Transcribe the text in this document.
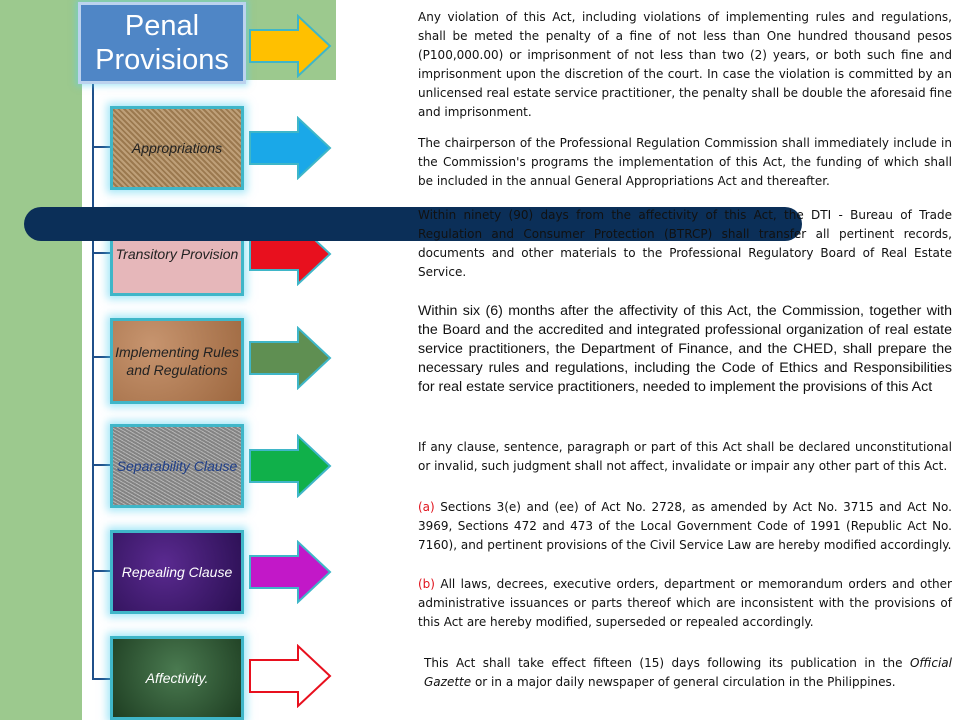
Penal Provisions
Appropriations
Transitory Provision
Implementing Rules and Regulations
Separability Clause
Repealing Clause
Affectivity.
Any violation of this Act, including violations of implementing rules and regulations, shall be meted the penalty of a fine of not less than One hundred thousand pesos (P100,000.00) or imprisonment of not less than two (2) years, or both such fine and imprisonment upon the discretion of the court. In case the violation is committed by an unlicensed real estate service practitioner, the penalty shall be double the aforesaid fine and imprisonment.
The chairperson of the Professional Regulation Commission shall immediately include in the Commission's programs the implementation of this Act, the funding of which shall be included in the annual General Appropriations Act and thereafter.
Within ninety (90) days from the affectivity of this Act, the DTI - Bureau of Trade Regulation and Consumer Protection (BTRCP) shall transfer all pertinent records, documents and other materials to the Professional Regulatory Board of Real Estate Service.
Within six (6) months after the affectivity of this Act, the Commission, together with the Board and the accredited and integrated professional organization of real estate service practitioners, the Department of Finance, and the CHED, shall prepare the necessary rules and regulations, including the Code of Ethics and Responsibilities for real estate service practitioners, needed to implement the provisions of this Act
If any clause, sentence, paragraph or part of this Act shall be declared unconstitutional or invalid, such judgment shall not affect, invalidate or impair any other part of this Act.
(a) Sections 3(e) and (ee) of Act No. 2728, as amended by Act No. 3715 and Act No. 3969, Sections 472 and 473 of the Local Government Code of 1991 (Republic Act No. 7160), and pertinent provisions of the Civil Service Law are hereby modified accordingly.
(b) All laws, decrees, executive orders, department or memorandum orders and other administrative issuances or parts thereof which are inconsistent with the provisions of this Act are hereby modified, superseded or repealed accordingly.
This Act shall take effect fifteen (15) days following its publication in the Official Gazette or in a major daily newspaper of general circulation in the Philippines.
